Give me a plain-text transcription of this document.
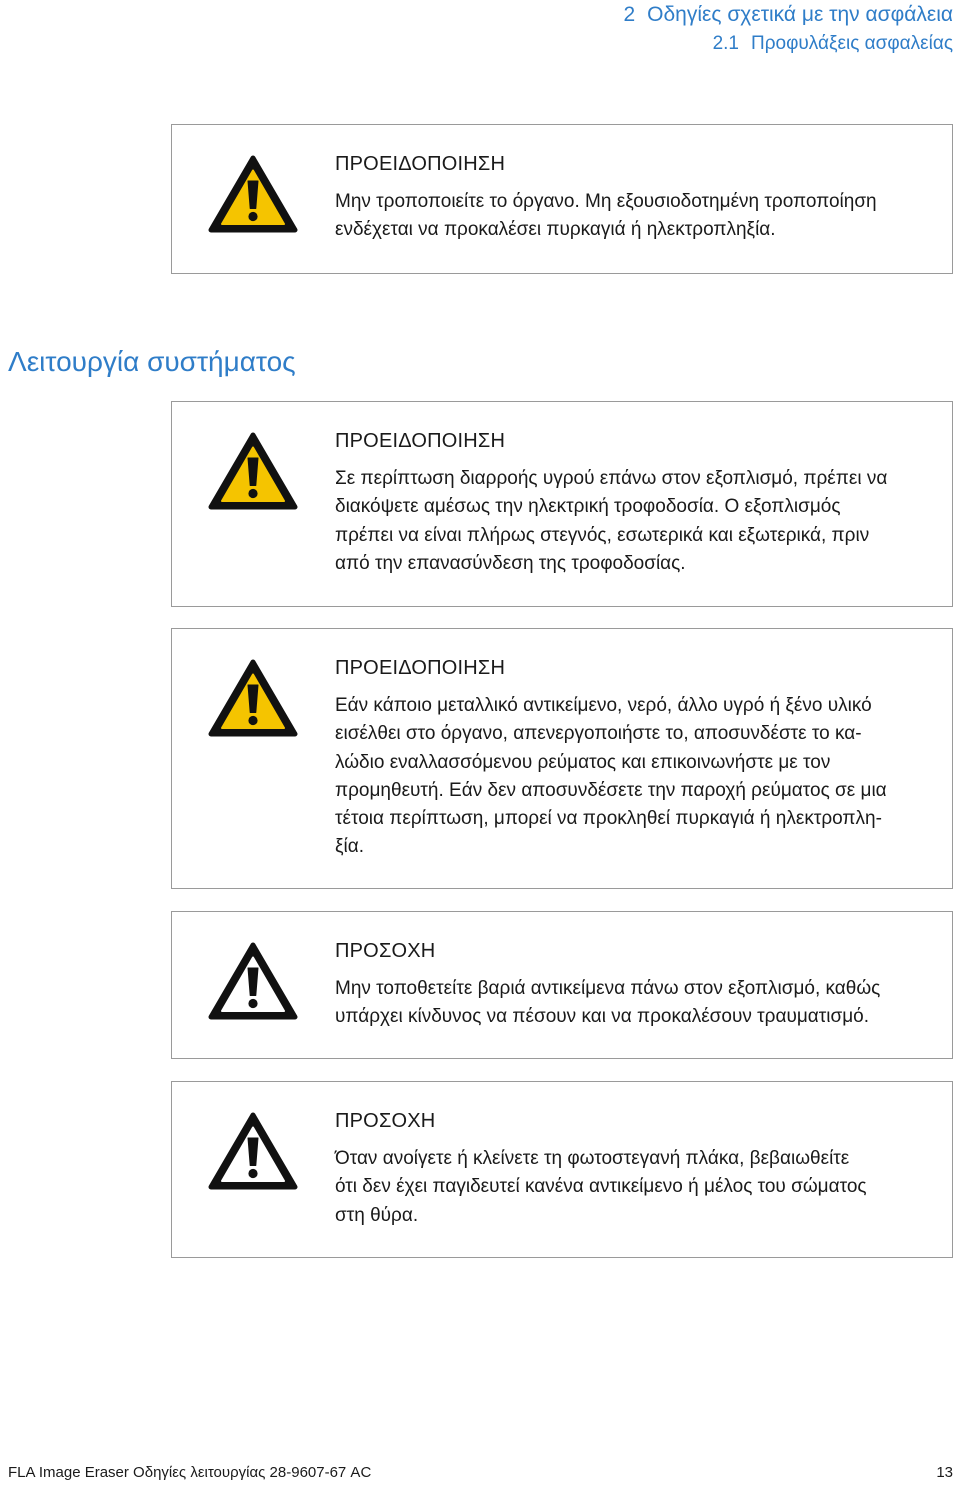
2 Οδηγίες σχετικά με την ασφάλεια
2.1 Προφυλάξεις ασφαλείας
ΠΡΟΕΙΔΟΠΟΙΗΣΗ
Μην τροποποιείτε το όργανο. Μη εξουσιοδοτημένη τροποποίηση
ενδέχεται να προκαλέσει πυρκαγιά ή ηλεκτροπληξία.
Λειτουργία συστήματος
ΠΡΟΕΙΔΟΠΟΙΗΣΗ
Σε περίπτωση διαρροής υγρού επάνω στον εξοπλισμό, πρέπει να
διακόψετε αμέσως την ηλεκτρική τροφοδοσία. Ο εξοπλισμός
πρέπει να είναι πλήρως στεγνός, εσωτερικά και εξωτερικά, πριν
από την επανασύνδεση της τροφοδοσίας.
ΠΡΟΕΙΔΟΠΟΙΗΣΗ
Εάν κάποιο μεταλλικό αντικείμενο, νερό, άλλο υγρό ή ξένο υλικό
εισέλθει στο όργανο, απενεργοποιήστε το, αποσυνδέστε το κα-
λώδιο εναλλασσόμενου ρεύματος και επικοινωνήστε με τον
προμηθευτή. Εάν δεν αποσυνδέσετε την παροχή ρεύματος σε μια
τέτοια περίπτωση, μπορεί να προκληθεί πυρκαγιά ή ηλεκτροπλη-
ξία.
ΠΡΟΣΟΧΗ
Μην τοποθετείτε βαριά αντικείμενα πάνω στον εξοπλισμό, καθώς
υπάρχει κίνδυνος να πέσουν και να προκαλέσουν τραυματισμό.
ΠΡΟΣΟΧΗ
Όταν ανοίγετε ή κλείνετε τη φωτοστεγανή πλάκα, βεβαιωθείτε
ότι δεν έχει παγιδευτεί κανένα αντικείμενο ή μέλος του σώματος
στη θύρα.
FLA Image Eraser Οδηγίες λειτουργίας 28-9607-67 AC	13
